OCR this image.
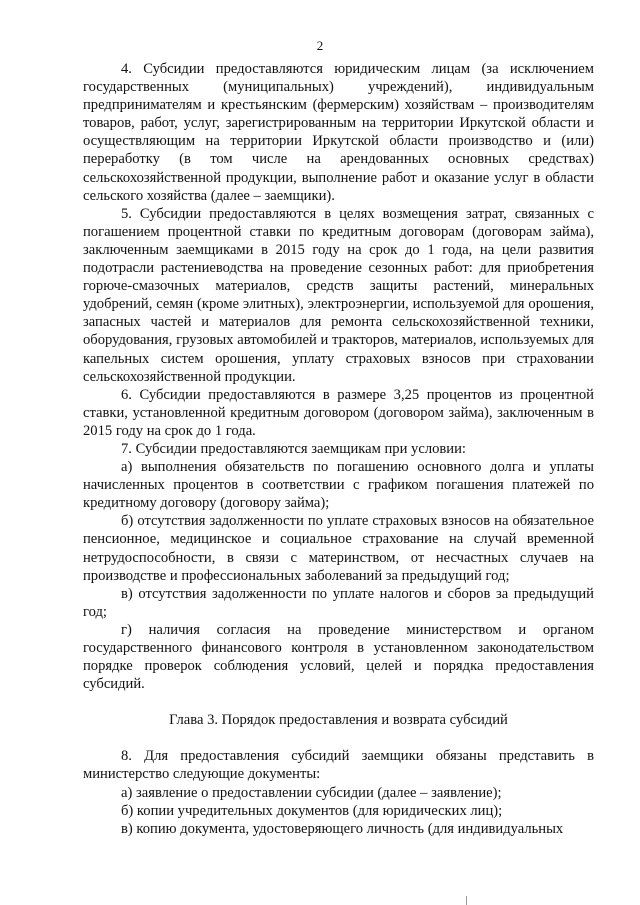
2

4. Субсидии предоставляются юридическим лицам (за исключением государственных (муниципальных) учреждений), индивидуальным предпринимателям и крестьянским (фермерским) хозяйствам – производителям товаров, работ, услуг, зарегистрированным на территории Иркутской области и осуществляющим на территории Иркутской области производство и (или) переработку (в том числе на арендованных основных средствах) сельскохозяйственной продукции, выполнение работ и оказание услуг в области сельского хозяйства (далее – заемщики).

5. Субсидии предоставляются в целях возмещения затрат, связанных с погашением процентной ставки по кредитным договорам (договорам займа), заключенным заемщиками в 2015 году на срок до 1 года, на цели развития подотрасли растениеводства на проведение сезонных работ: для приобретения горюче-смазочных материалов, средств защиты растений, минеральных удобрений, семян (кроме элитных), электроэнергии, используемой для орошения, запасных частей и материалов для ремонта сельскохозяйственной техники, оборудования, грузовых автомобилей и тракторов, материалов, используемых для капельных систем орошения, уплату страховых взносов при страховании сельскохозяйственной продукции.

6. Субсидии предоставляются в размере 3,25 процентов из процентной ставки, установленной кредитным договором (договором займа), заключенным в 2015 году на срок до 1 года.

7. Субсидии предоставляются заемщикам при условии:

а) выполнения обязательств по погашению основного долга и уплаты начисленных процентов в соответствии с графиком погашения платежей по кредитному договору (договору займа);

б) отсутствия задолженности по уплате страховых взносов на обязательное пенсионное, медицинское и социальное страхование на случай временной нетрудоспособности, в связи с материнством, от несчастных случаев на производстве и профессиональных заболеваний за предыдущий год;

в) отсутствия задолженности по уплате налогов и сборов за предыдущий год;

г) наличия согласия на проведение министерством и органом государственного финансового контроля в установленном законодательством порядке проверок соблюдения условий, целей и порядка предоставления субсидий.

Глава 3. Порядок предоставления и возврата субсидий

8. Для предоставления субсидий заемщики обязаны представить в министерство следующие документы:

а) заявление о предоставлении субсидии (далее – заявление);

б) копии учредительных документов (для юридических лиц);

в) копию документа, удостоверяющего личность (для индивидуальных
